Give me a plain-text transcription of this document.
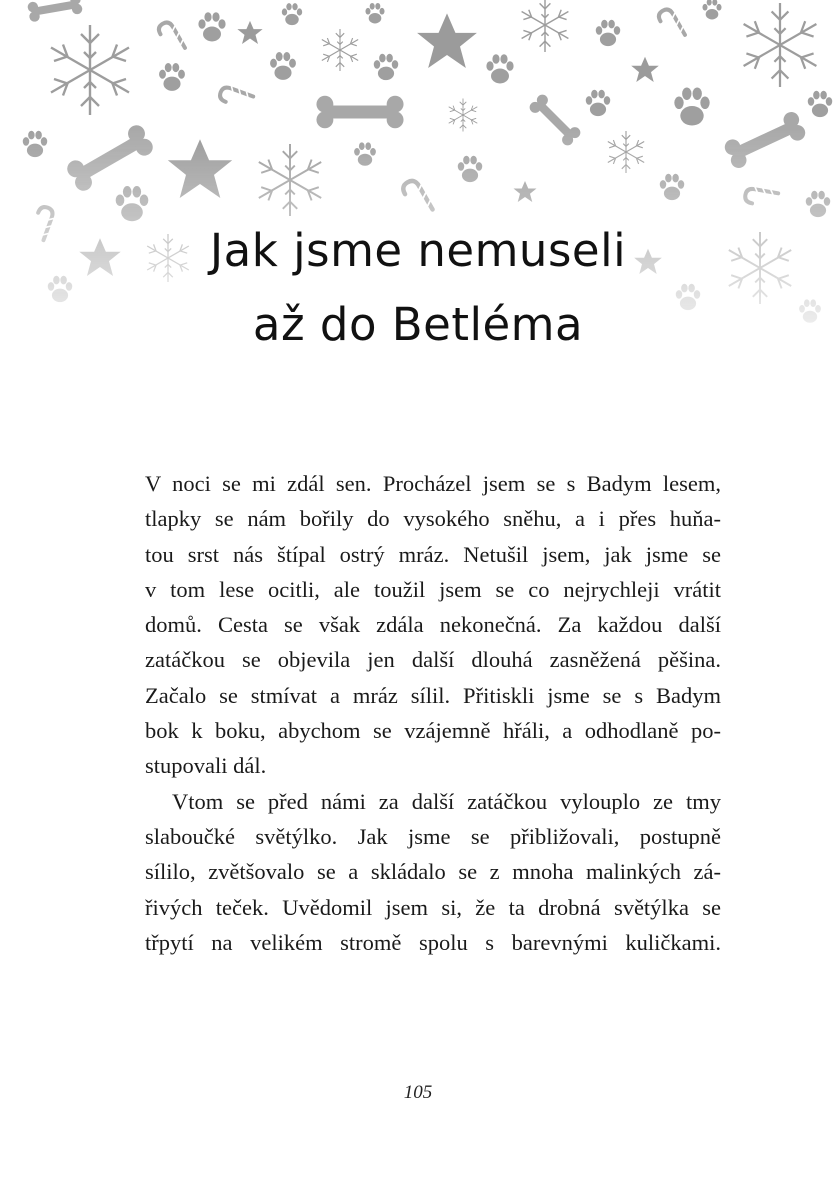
Jak jsme nemuseli
až do Betléma

V noci se mi zdál sen. Procházel jsem se s Badym lesem,
tlapky se nám bořily do vysokého sněhu, a i přes huňa-
tou srst nás štípal ostrý mráz. Netušil jsem, jak jsme se
v tom lese ocitli, ale toužil jsem se co nejrychleji vrátit
domů. Cesta se však zdála nekonečná. Za každou další
zatáčkou se objevila jen další dlouhá zasněžená pěšina.
Začalo se stmívat a mráz sílil. Přitiskli jsme se s Badym
bok k boku, abychom se vzájemně hřáli, a odhodlaně po-
stupovali dál.

Vtom se před námi za další zatáčkou vylouplo ze tmy
slaboučké světýlko. Jak jsme se přibližovali, postupně
sílilo, zvětšovalo se a skládalo se z mnoha malinkých zá-
řivých teček. Uvědomil jsem si, že ta drobná světýlka se
třpytí na velikém stromě spolu s barevnými kuličkami.

105
